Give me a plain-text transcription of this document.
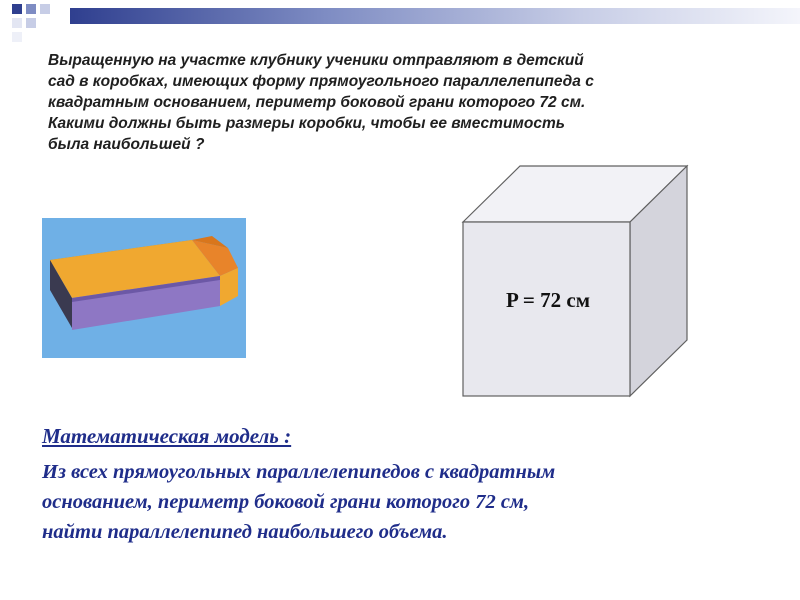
Выращенную на участке клубнику ученики отправляют в детский
сад в коробках, имеющих форму прямоугольного параллелепипеда с
квадратным основанием, периметр боковой грани которого 72 см.
Какими должны быть размеры коробки, чтобы ее вместимость
была наибольшей ?

P = 72 см

Математическая модель :

Из всех прямоугольных параллелепипедов с квадратным
основанием, периметр боковой грани которого 72 см,
найти параллелепипед наибольшего объема.
